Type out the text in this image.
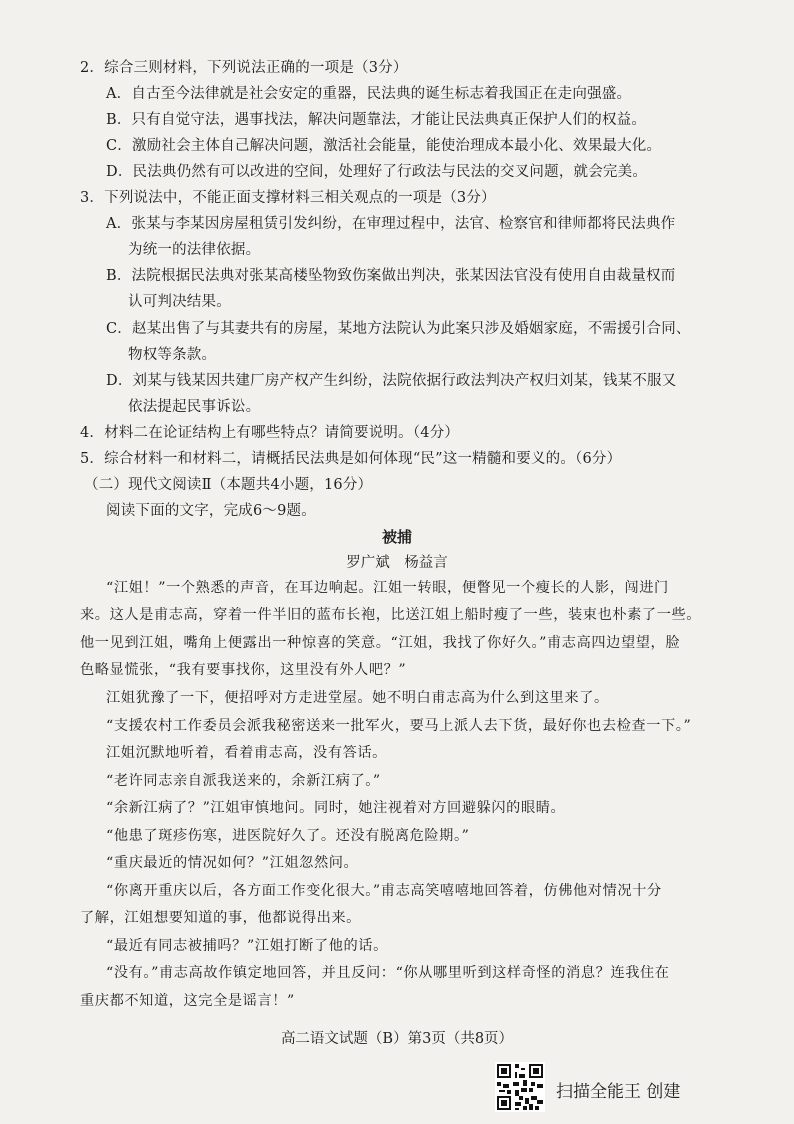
2．综合三则材料，下列说法正确的一项是（3分）
A．自古至今法律就是社会安定的重器，民法典的诞生标志着我国正在走向强盛。
B．只有自觉守法，遇事找法，解决问题靠法，才能让民法典真正保护人们的权益。
C．激励社会主体自己解决问题，激活社会能量，能使治理成本最小化、效果最大化。
D．民法典仍然有可以改进的空间，处理好了行政法与民法的交叉问题，就会完美。
3．下列说法中，不能正面支撑材料三相关观点的一项是（3分）
A．张某与李某因房屋租赁引发纠纷，在审理过程中，法官、检察官和律师都将民法典作
为统一的法律依据。
B．法院根据民法典对张某高楼坠物致伤案做出判决，张某因法官没有使用自由裁量权而
认可判决结果。
C．赵某出售了与其妻共有的房屋，某地方法院认为此案只涉及婚姻家庭，不需援引合同、
物权等条款。
D．刘某与钱某因共建厂房产权产生纠纷，法院依据行政法判决产权归刘某，钱某不服又
依法提起民事诉讼。
4．材料二在论证结构上有哪些特点？请简要说明。（4分）
5．综合材料一和材料二，请概括民法典是如何体现“民”这一精髓和要义的。（6分）
（二）现代文阅读Ⅱ（本题共4小题，16分）
阅读下面的文字，完成6～9题。
被捕
罗广斌　杨益言
“江姐！”一个熟悉的声音，在耳边响起。江姐一转眼，便瞥见一个瘦长的人影，闯进门
来。这人是甫志高，穿着一件半旧的蓝布长袍，比送江姐上船时瘦了一些，装束也朴素了一些。
他一见到江姐，嘴角上便露出一种惊喜的笑意。“江姐，我找了你好久。”甫志高四边望望，脸
色略显慌张，“我有要事找你，这里没有外人吧？”
江姐犹豫了一下，便招呼对方走进堂屋。她不明白甫志高为什么到这里来了。
“支援农村工作委员会派我秘密送来一批军火，要马上派人去下货，最好你也去检查一下。”
江姐沉默地听着，看着甫志高，没有答话。
“老许同志亲自派我送来的，余新江病了。”
“余新江病了？”江姐审慎地问。同时，她注视着对方回避躲闪的眼睛。
“他患了斑疹伤寒，进医院好久了。还没有脱离危险期。”
“重庆最近的情况如何？”江姐忽然问。
“你离开重庆以后，各方面工作变化很大。”甫志高笑嘻嘻地回答着，仿佛他对情况十分
了解，江姐想要知道的事，他都说得出来。
“最近有同志被捕吗？”江姐打断了他的话。
“没有。”甫志高故作镇定地回答，并且反问：“你从哪里听到这样奇怪的消息？连我住在
重庆都不知道，这完全是谣言！”
高二语文试题（B）第3页（共8页）
扫描全能王 创建
